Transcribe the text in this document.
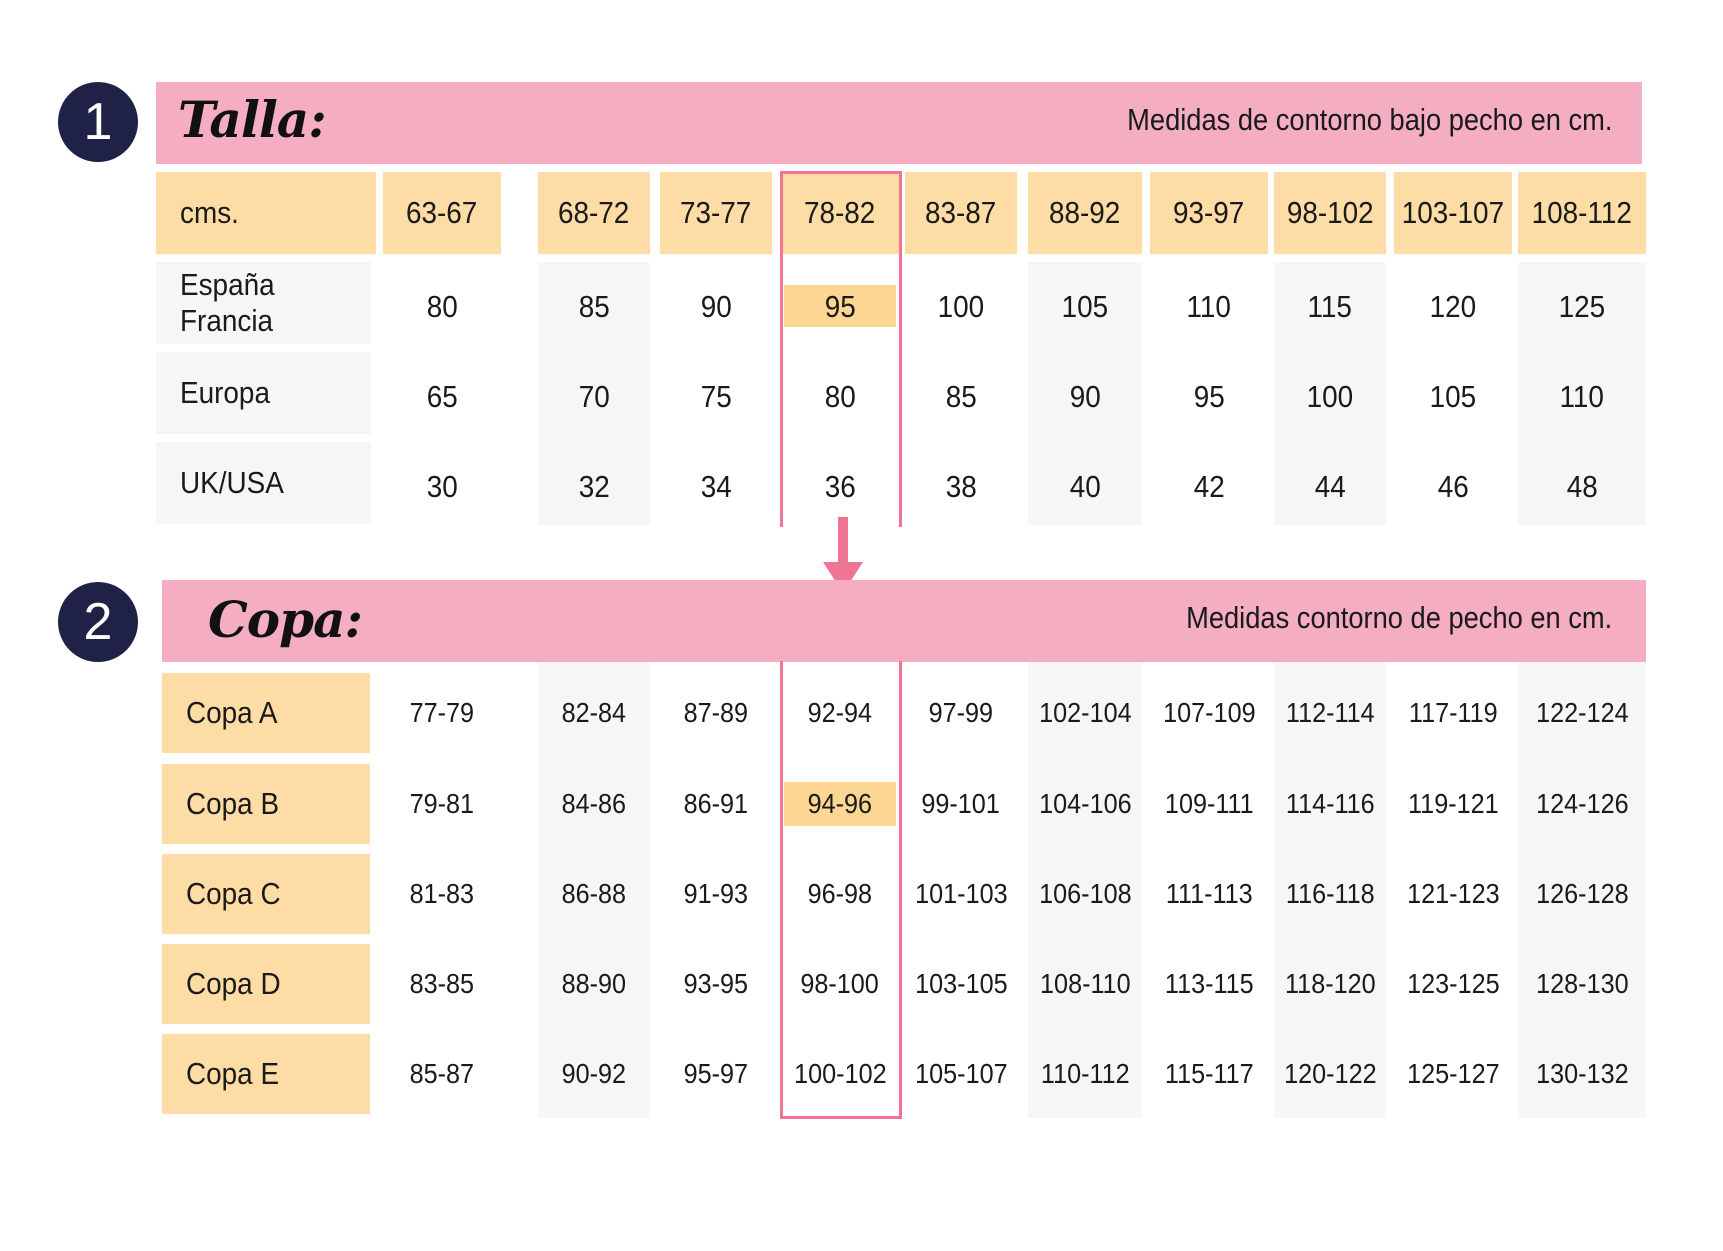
1 Talla:	Medidas de contorno bajo pecho en cm.
cms.	63-67	68-72 73-77 78-82 83-87 88-92 93-97 98-102 103-107 108-112
España
Francia	80	85	90	95	100 105	110 115 120	125
Europa	65	70	75	80	85	90	95	100 105	110
UK/USA	30	32	34	36	38	40	42	44	46	48
2 Copa:	Medidas contorno de pecho en cm.
Copa A	77-79	82-84 87-89 92-94 97-99 102-104 107-109 112-114 117-119 122-124
Copa B	79-81	84-86 86-91 94-96 99-101 104-106 109-111 114-116 119-121 124-126
Copa C	81-83	86-88 91-93 96-98 101-103 106-108 111-113 116-118 121-123 126-128
Copa D	83-85	88-90 93-95 98-100 103-105 108-110 113-115 118-120 123-125 128-130
Copa E	85-87	90-92 95-97 100-102 105-107 110-112 115-117 120-122 125-127 130-132
